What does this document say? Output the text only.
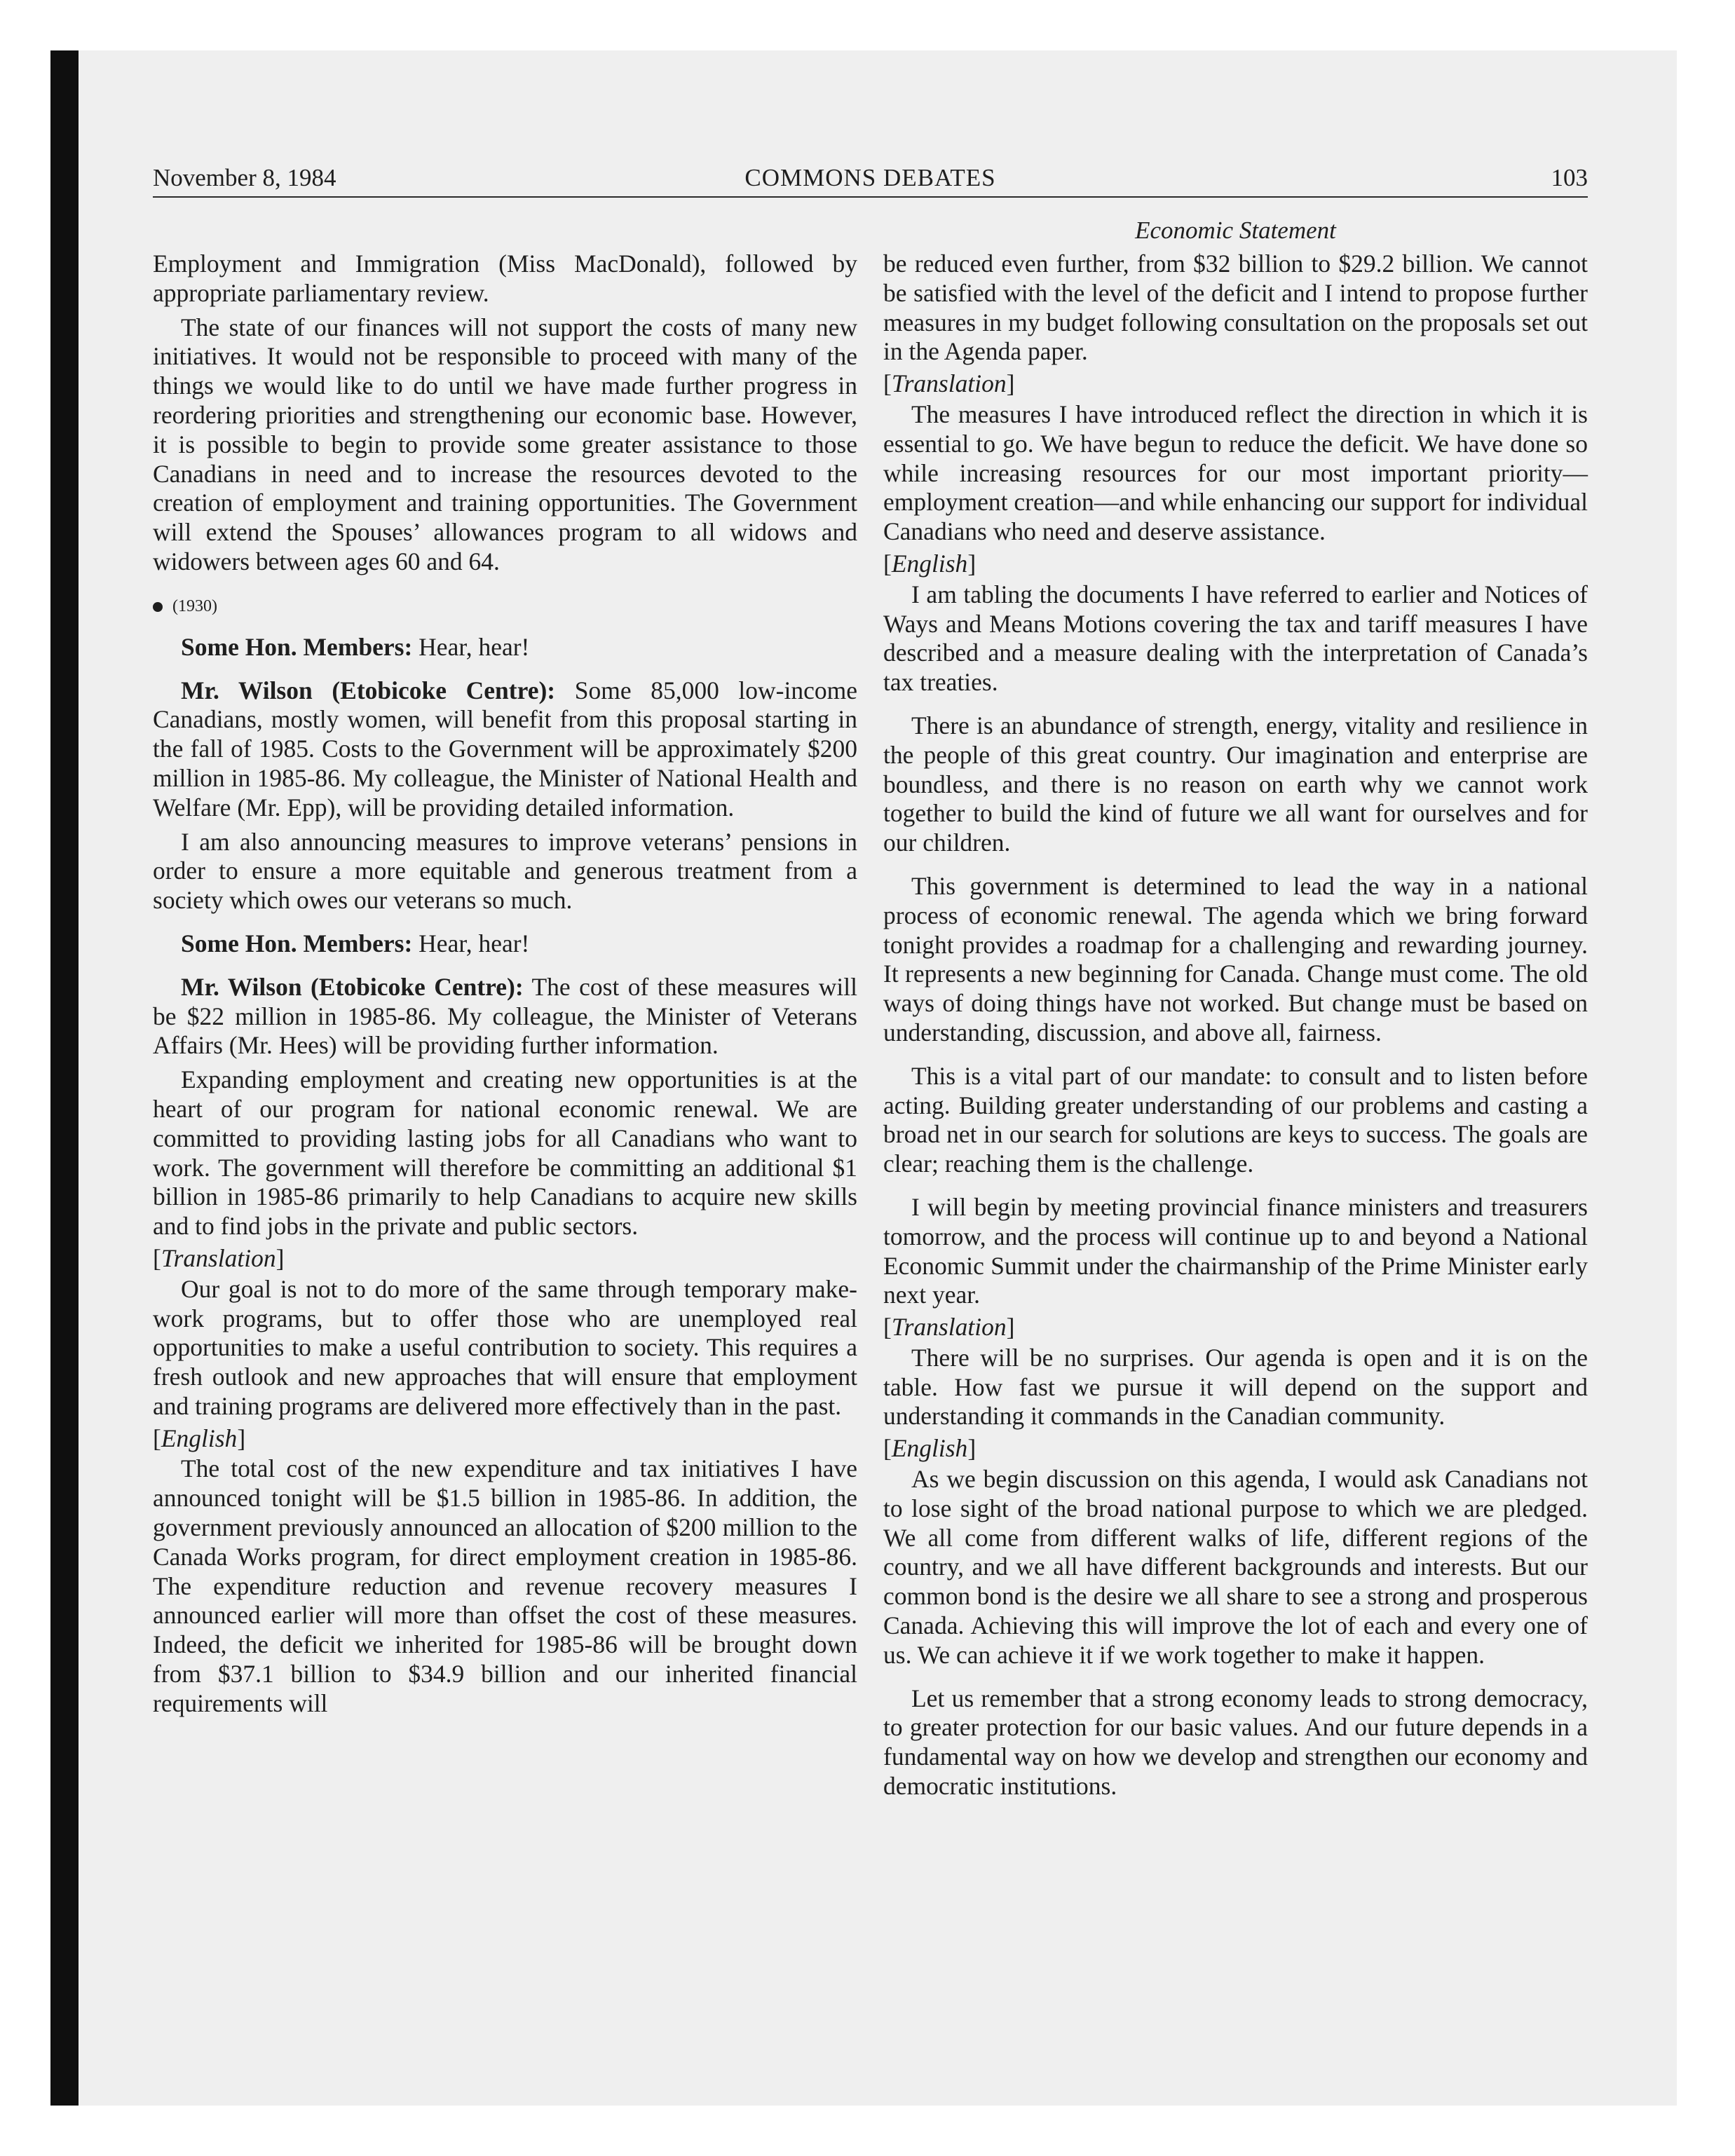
November 8, 1984	COMMONS DEBATES	103
Economic Statement

Employment and Immigration (Miss MacDonald), followed by appropriate parliamentary review.

The state of our finances will not support the costs of many new initiatives. It would not be responsible to proceed with many of the things we would like to do until we have made further progress in reordering priorities and strengthening our economic base. However, it is possible to begin to provide some greater assistance to those Canadians in need and to increase the resources devoted to the creation of employment and training opportunities. The Government will extend the Spouses’ allowances program to all widows and widowers between ages 60 and 64.

(1930)

Some Hon. Members: Hear, hear!

Mr. Wilson (Etobicoke Centre): Some 85,000 low-income Canadians, mostly women, will benefit from this proposal starting in the fall of 1985. Costs to the Government will be approximately $200 million in 1985-86. My colleague, the Minister of National Health and Welfare (Mr. Epp), will be providing detailed information.

I am also announcing measures to improve veterans’ pensions in order to ensure a more equitable and generous treatment from a society which owes our veterans so much.

Some Hon. Members: Hear, hear!

Mr. Wilson (Etobicoke Centre): The cost of these measures will be $22 million in 1985-86. My colleague, the Minister of Veterans Affairs (Mr. Hees) will be providing further information.

Expanding employment and creating new opportunities is at the heart of our program for national economic renewal. We are committed to providing lasting jobs for all Canadians who want to work. The government will therefore be committing an additional $1 billion in 1985-86 primarily to help Canadians to acquire new skills and to find jobs in the private and public sectors.

[Translation]

Our goal is not to do more of the same through temporary make-work programs, but to offer those who are unemployed real opportunities to make a useful contribution to society. This requires a fresh outlook and new approaches that will ensure that employment and training programs are delivered more effectively than in the past.

[English]

The total cost of the new expenditure and tax initiatives I have announced tonight will be $1.5 billion in 1985-86. In addition, the government previously announced an allocation of $200 million to the Canada Works program, for direct employment creation in 1985-86. The expenditure reduction and revenue recovery measures I announced earlier will more than offset the cost of these measures. Indeed, the deficit we inherited for 1985-86 will be brought down from $37.1 billion to $34.9 billion and our inherited financial requirements will

be reduced even further, from $32 billion to $29.2 billion. We cannot be satisfied with the level of the deficit and I intend to propose further measures in my budget following consultation on the proposals set out in the Agenda paper.

[Translation]

The measures I have introduced reflect the direction in which it is essential to go. We have begun to reduce the deficit. We have done so while increasing resources for our most important priority—employment creation—and while enhancing our support for individual Canadians who need and deserve assistance.

[English]

I am tabling the documents I have referred to earlier and Notices of Ways and Means Motions covering the tax and tariff measures I have described and a measure dealing with the interpretation of Canada’s tax treaties.

There is an abundance of strength, energy, vitality and resilience in the people of this great country. Our imagination and enterprise are boundless, and there is no reason on earth why we cannot work together to build the kind of future we all want for ourselves and for our children.

This government is determined to lead the way in a national process of economic renewal. The agenda which we bring forward tonight provides a roadmap for a challenging and rewarding journey. It represents a new beginning for Canada. Change must come. The old ways of doing things have not worked. But change must be based on understanding, discussion, and above all, fairness.

This is a vital part of our mandate: to consult and to listen before acting. Building greater understanding of our problems and casting a broad net in our search for solutions are keys to success. The goals are clear; reaching them is the challenge.

I will begin by meeting provincial finance ministers and treasurers tomorrow, and the process will continue up to and beyond a National Economic Summit under the chairmanship of the Prime Minister early next year.

[Translation]

There will be no surprises. Our agenda is open and it is on the table. How fast we pursue it will depend on the support and understanding it commands in the Canadian community.

[English]

As we begin discussion on this agenda, I would ask Canadians not to lose sight of the broad national purpose to which we are pledged. We all come from different walks of life, different regions of the country, and we all have different backgrounds and interests. But our common bond is the desire we all share to see a strong and prosperous Canada. Achieving this will improve the lot of each and every one of us. We can achieve it if we work together to make it happen.

Let us remember that a strong economy leads to strong democracy, to greater protection for our basic values. And our future depends in a fundamental way on how we develop and strengthen our economy and democratic institutions.
